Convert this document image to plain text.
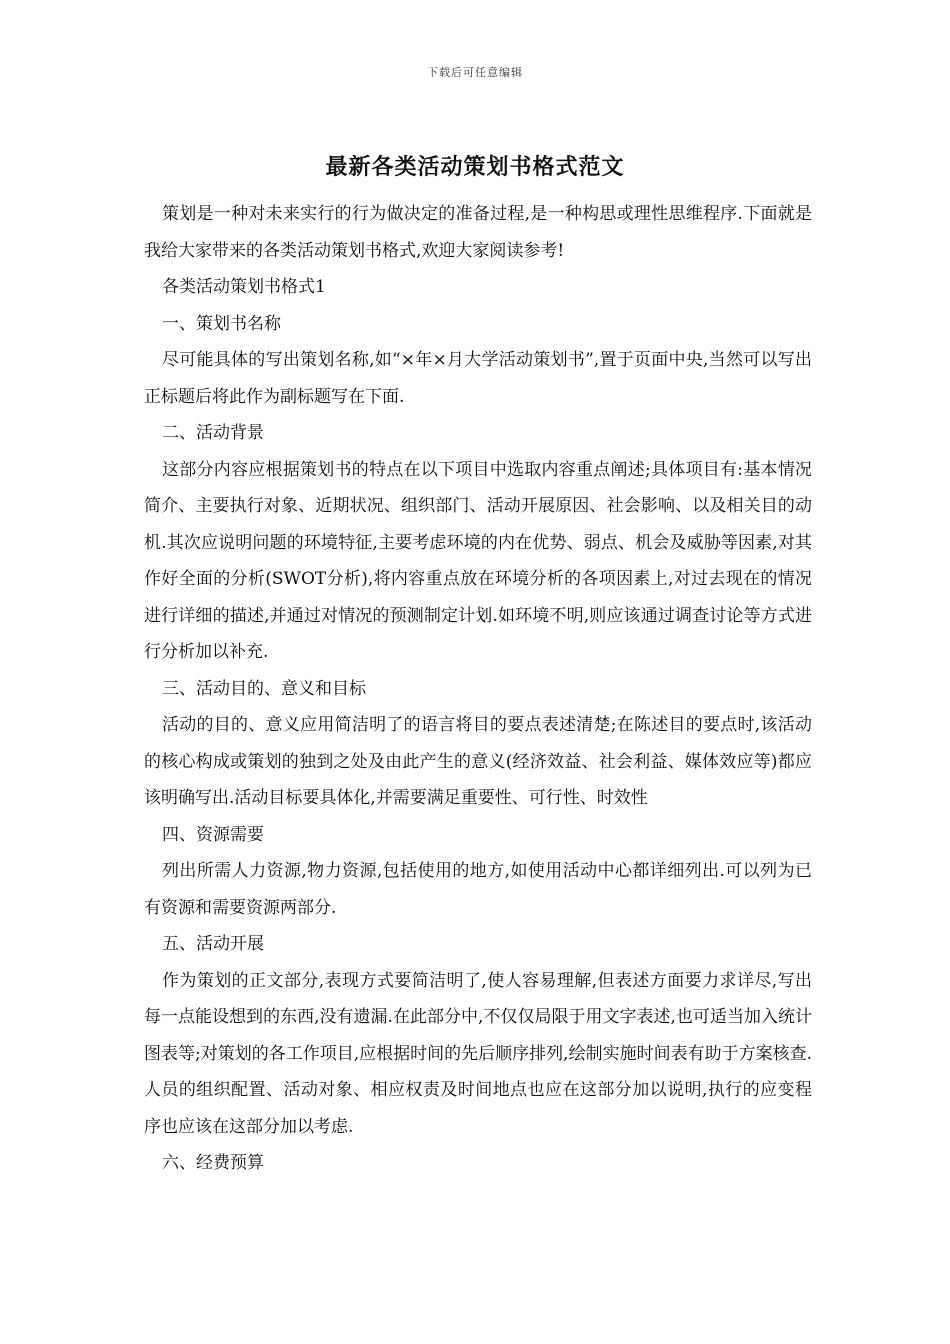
下载后可任意编辑
最新各类活动策划书格式范文

策划是一种对未来实行的行为做决定的准备过程,是一种构思或理性思维程序.下面就是我给大家带来的各类活动策划书格式,欢迎大家阅读参考!

各类活动策划书格式1

一、策划书名称

尽可能具体的写出策划名称,如“×年×月大学活动策划书”,置于页面中央,当然可以写出正标题后将此作为副标题写在下面.

二、活动背景

这部分内容应根据策划书的特点在以下项目中选取内容重点阐述;具体项目有:基本情况简介、主要执行对象、近期状况、组织部门、活动开展原因、社会影响、以及相关目的动机.其次应说明问题的环境特征,主要考虑环境的内在优势、弱点、机会及威胁等因素,对其作好全面的分析(SWOT分析),将内容重点放在环境分析的各项因素上,对过去现在的情况进行详细的描述,并通过对情况的预测制定计划.如环境不明,则应该通过调查讨论等方式进行分析加以补充.

三、活动目的、意义和目标

活动的目的、意义应用简洁明了的语言将目的要点表述清楚;在陈述目的要点时,该活动的核心构成或策划的独到之处及由此产生的意义(经济效益、社会利益、媒体效应等)都应该明确写出.活动目标要具体化,并需要满足重要性、可行性、时效性

四、资源需要

列出所需人力资源,物力资源,包括使用的地方,如使用活动中心都详细列出.可以列为已有资源和需要资源两部分.

五、活动开展

作为策划的正文部分,表现方式要简洁明了,使人容易理解,但表述方面要力求详尽,写出每一点能设想到的东西,没有遗漏.在此部分中,不仅仅局限于用文字表述,也可适当加入统计图表等;对策划的各工作项目,应根据时间的先后顺序排列,绘制实施时间表有助于方案核查.人员的组织配置、活动对象、相应权责及时间地点也应在这部分加以说明,执行的应变程序也应该在这部分加以考虑.

六、经费预算
